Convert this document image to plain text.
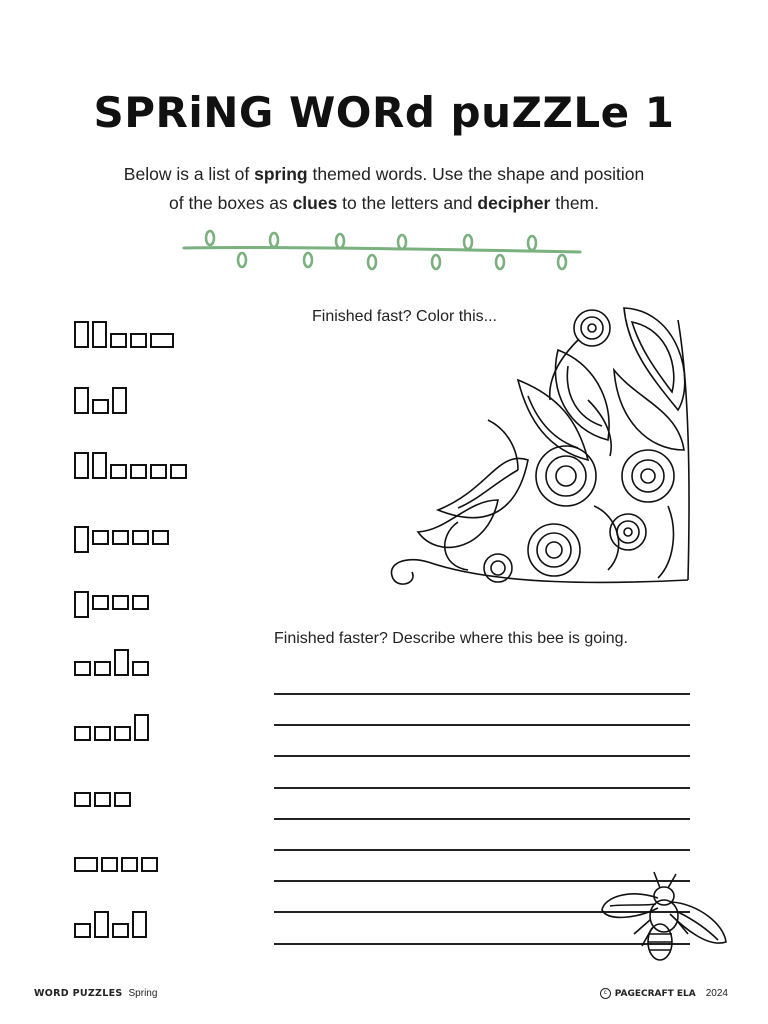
SPRiNG WORd puZZLe 1
Below is a list of spring themed words. Use the shape and position
of the boxes as clues to the letters and decipher them.
Finished fast? Color this...
Finished faster? Describe where this bee is going.
WORD PUZZLES Spring	c PAGECRAFT ELA 2024
